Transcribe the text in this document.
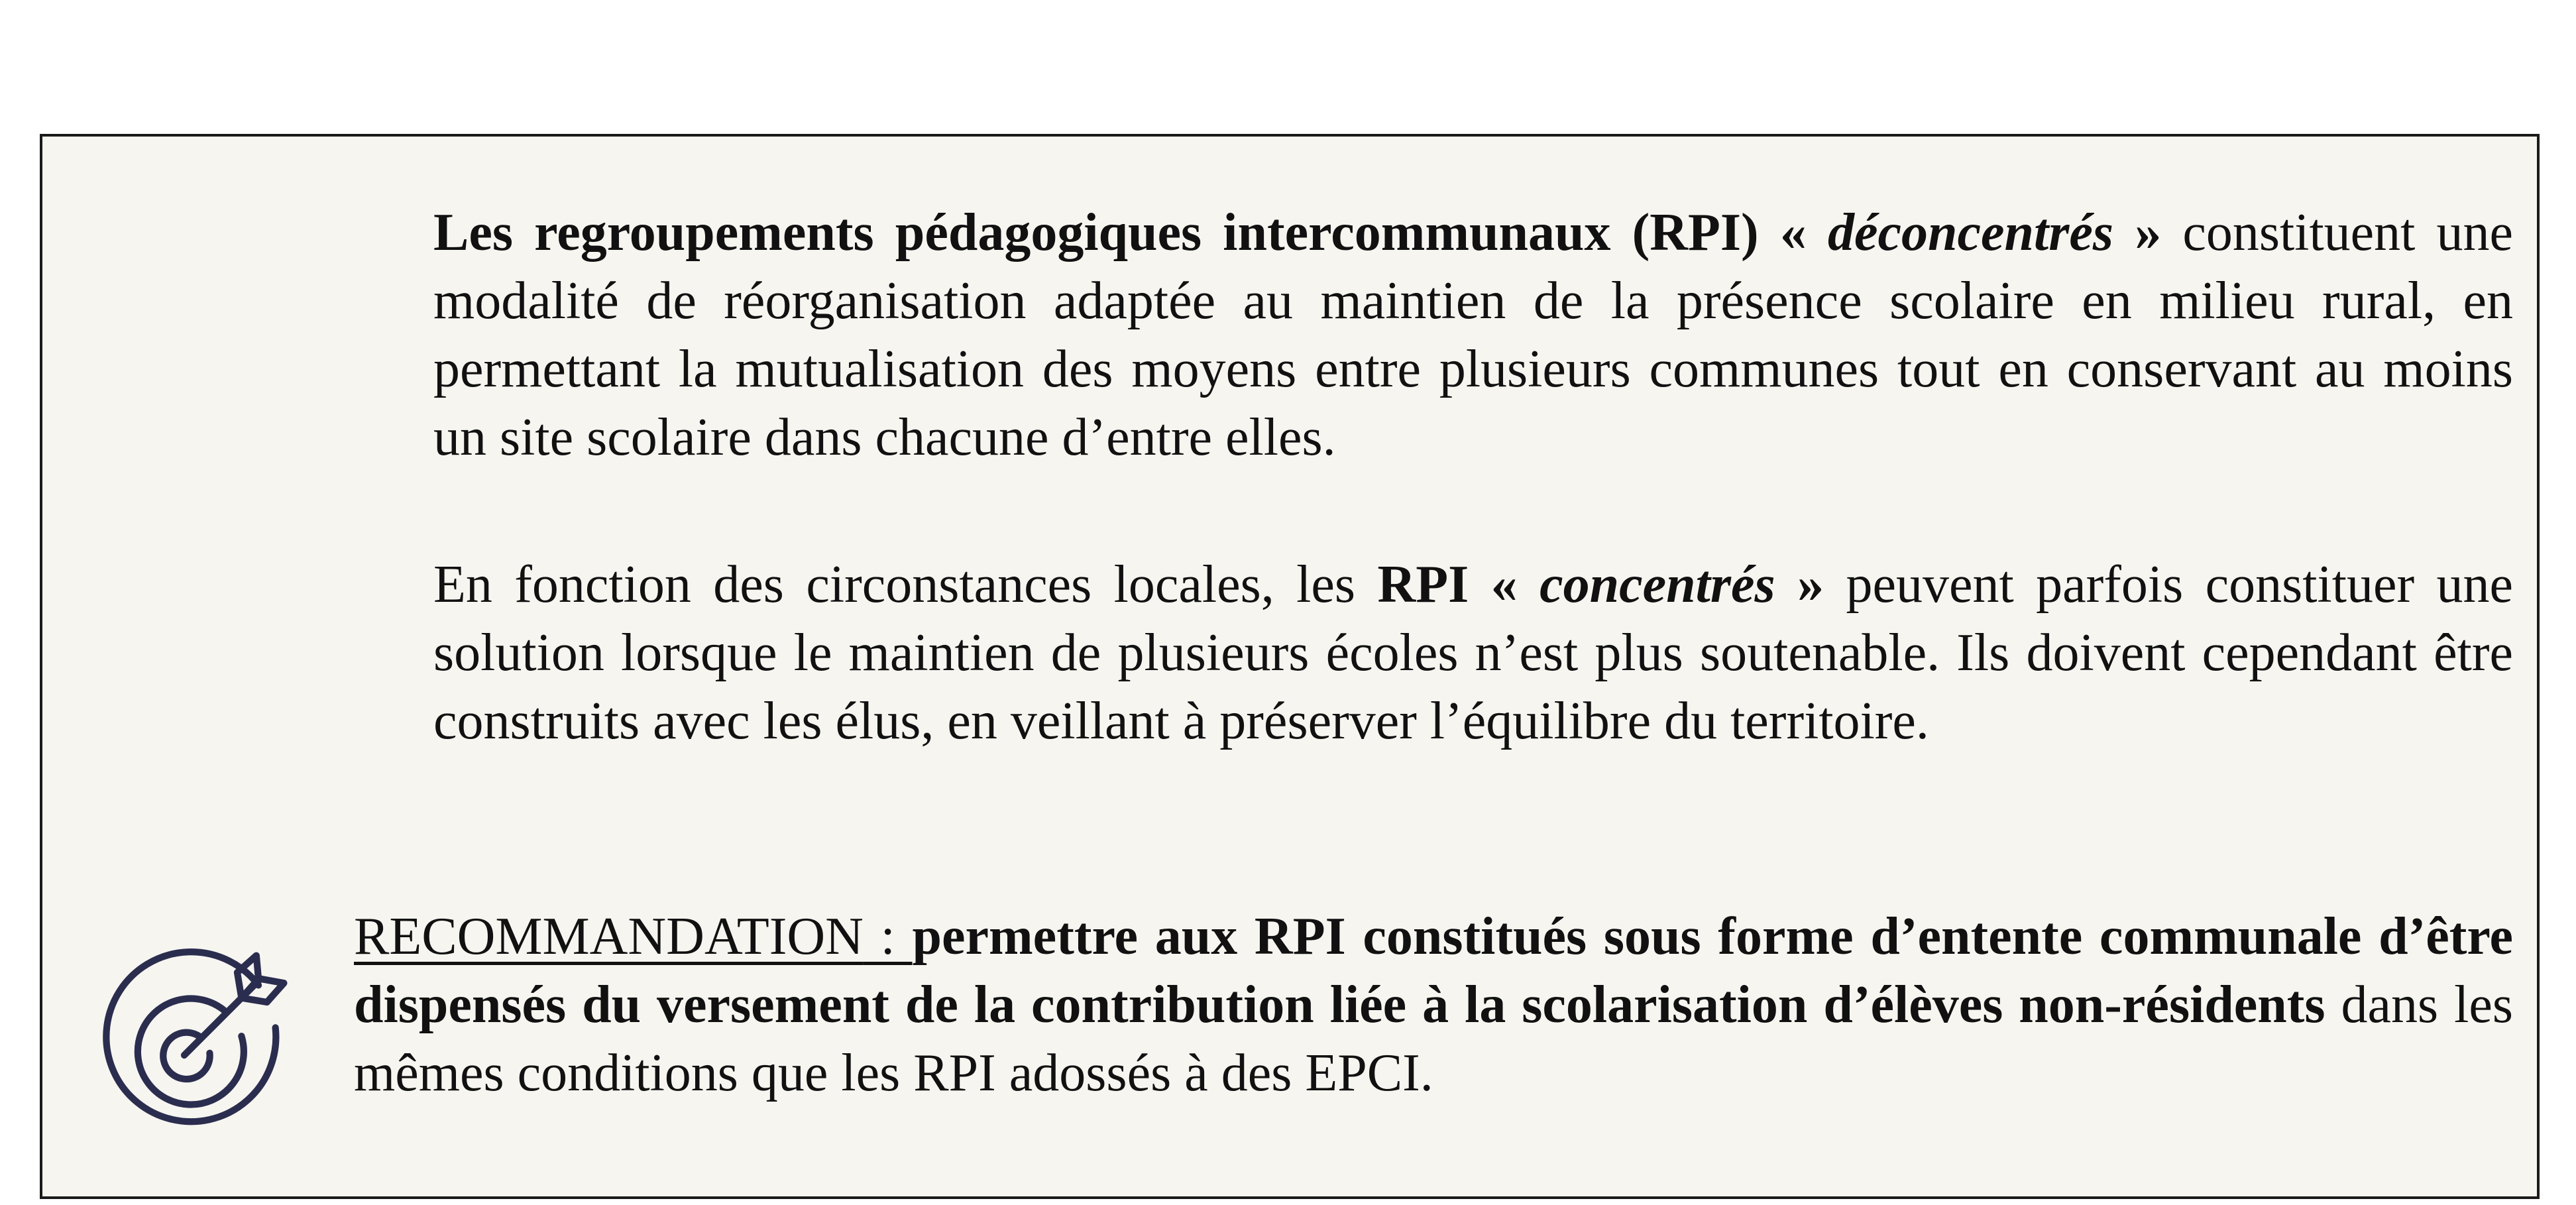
Les regroupements pédagogiques intercommunaux (RPI) « déconcentrés » constituent une modalité de réorganisation adaptée au maintien de la présence scolaire en milieu rural, en permettant la mutualisation des moyens entre plusieurs communes tout en conservant au moins un site scolaire dans chacune d’entre elles.

En fonction des circonstances locales, les RPI « concentrés » peuvent parfois constituer une solution lorsque le maintien de plusieurs écoles n’est plus soutenable. Ils doivent cependant être construits avec les élus, en veillant à préserver l’équilibre du territoire.

RECOMMANDATION : permettre aux RPI constitués sous forme d’entente communale d’être dispensés du versement de la contribution liée à la scolarisation d’élèves non-résidents dans les mêmes conditions que les RPI adossés à des EPCI.
